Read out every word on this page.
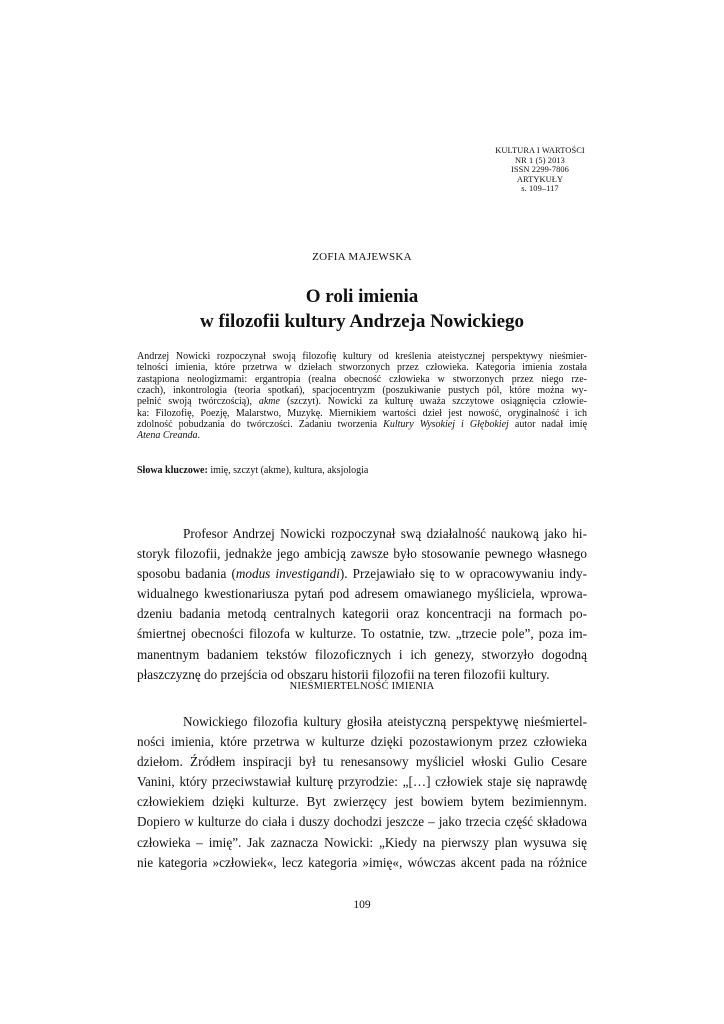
KULTURA I WARTOŚCI
NR 1 (5) 2013
ISSN 2299-7806
ARTYKUŁY
s. 109–117
ZOFIA MAJEWSKA
O roli imienia
w filozofii kultury Andrzeja Nowickiego
Andrzej Nowicki rozpoczynał swoją filozofię kultury od kreślenia ateistycznej perspektywy nieśmier-
telności imienia, które przetrwa w dziełach stworzonych przez człowieka. Kategoria imienia została
zastąpiona neologizmami: ergantropia (realna obecność człowieka w stworzonych przez niego rze-
czach), inkontrologia (teoria spotkań), spacjocentryzm (poszukiwanie pustych pól, które można wy-
pełnić swoją twórczością), akme (szczyt). Nowicki za kulturę uważa szczytowe osiągnięcia człowie-
ka: Filozofię, Poezję, Malarstwo, Muzykę. Miernikiem wartości dzieł jest nowość, oryginalność i ich
zdolność pobudzania do twórczości. Zadaniu tworzenia Kultury Wysokiej i Głębokiej autor nadał imię
Atena Creanda.
Słowa kluczowe: imię, szczyt (akme), kultura, aksjologia
Profesor Andrzej Nowicki rozpoczynał swą działalność naukową jako hi-
storyk filozofii, jednakże jego ambicją zawsze było stosowanie pewnego własnego
sposobu badania (modus investigandi). Przejawiało się to w opracowywaniu indy-
widualnego kwestionariusza pytań pod adresem omawianego myśliciela, wprowa-
dzeniu badania metodą centralnych kategorii oraz koncentracji na formach po-
śmiertnej obecności filozofa w kulturze. To ostatnie, tzw. „trzecie pole”, poza im-
manentnym badaniem tekstów filozoficznych i ich genezy, stworzyło dogodną
płaszczyznę do przejścia od obszaru historii filozofii na teren filozofii kultury.
NIEŚMIERTELNOŚĆ IMIENIA
Nowickiego filozofia kultury głosiła ateistyczną perspektywę nieśmiertel-
ności imienia, które przetrwa w kulturze dzięki pozostawionym przez człowieka
dziełom. Źródłem inspiracji był tu renesansowy myśliciel włoski Gulio Cesare
Vanini, który przeciwstawiał kulturę przyrodzie: „[…] człowiek staje się naprawdę
człowiekiem dzięki kulturze. Byt zwierzęcy jest bowiem bytem bezimiennym.
Dopiero w kulturze do ciała i duszy dochodzi jeszcze – jako trzecia część składowa
człowieka – imię”. Jak zaznacza Nowicki: „Kiedy na pierwszy plan wysuwa się
nie kategoria »człowiek«, lecz kategoria »imię«, wówczas akcent pada na różnice
109
